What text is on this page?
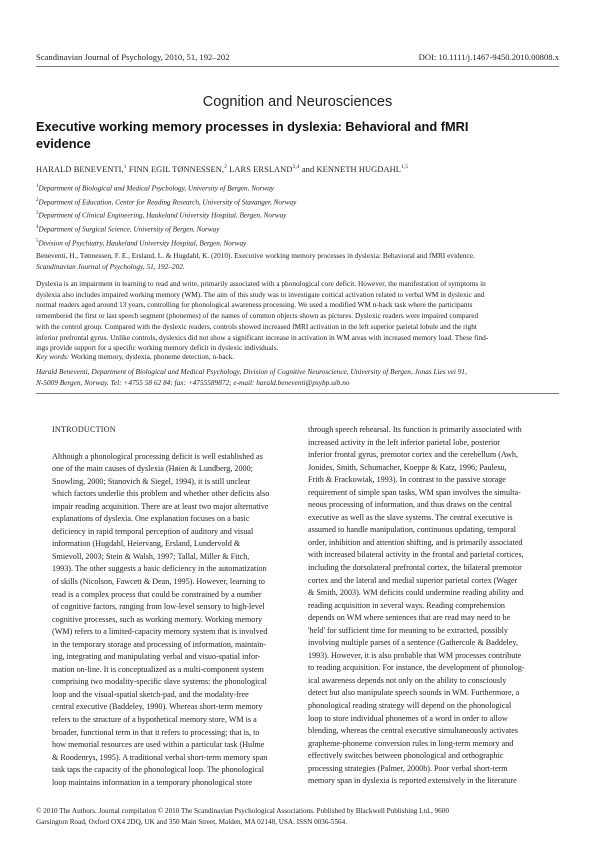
Scandinavian Journal of Psychology, 2010, 51, 192–202	DOI: 10.1111/j.1467-9450.2010.00808.x
Cognition and Neurosciences
Executive working memory processes in dyslexia: Behavioral and fMRI
evidence
HARALD BENEVENTI,$^1$ FINN EGIL TØNNESSEN,$^2$ LARS ERSLAND$^{3,4}$ and KENNETH HUGDAHL$^{1,5}$
$^1$Department of Biological and Medical Psychology, University of Bergen, Norway
$^2$Department of Education, Center for Reading Research, University of Stavanger, Norway
$^3$Department of Clinical Engineering, Haukeland University Hospital, Bergen, Norway
$^4$Department of Surgical Science, University of Bergen, Norway
$^5$Division of Psychiatry, Haukeland University Hospital, Bergen, Norway
Beneventi, H., Tønnessen, F. E., Ersland, L. & Hugdahl, K. (2010). Executive working memory processes in dyslexia: Behavioral and fMRI evidence.
Scandinavian Journal of Psychology, 51, 192–202.
Dyslexia is an impairment in learning to read and write, primarily associated with a phonological core deficit. However, the manifestation of symptoms in
dyslexia also includes impaired working memory (WM). The aim of this study was to investigate cortical activation related to verbal WM in dyslexic and
normal readers aged around 13 years, controlling for phonological awareness processing. We used a modified WM n-back task where the participants
remembered the first or last speech segment (phonemes) of the names of common objects shown as pictures. Dyslexic readers were impaired compared
with the control group. Compared with the dyslexic readers, controls showed increased fMRI activation in the left superior parietal lobule and the right
inferior prefrontal gyrus. Unlike controls, dyslexics did not show a significant increase in activation in WM areas with increased memory load. These find-
ings provide support for a specific working memory deficit in dyslexic individuals.
Key words: Working memory, dyslexia, phoneme detection, n-back.
Harald Beneventi, Department of Biological and Medical Psychology, Division of Cognitive Neuroscience, University of Bergen, Jonas Lies vei 91,
N-5009 Bergen, Norway. Tel: +4755 58 62 84; fax: +4755589872; e-mail: harald.beneventi@psybp.uib.no
INTRODUCTION
Although a phonological processing deficit is well established as
one of the main causes of dyslexia (Høien & Lundberg, 2000;
Snowling, 2000; Stanovich & Siegel, 1994), it is still unclear
which factors underlie this problem and whether other deficits also
impair reading acquisition. There are at least two major alternative
explanations of dyslexia. One explanation focuses on a basic
deficiency in rapid temporal perception of auditory and visual
information (Hugdahl, Heiervang, Ersland, Lundervold &
Smievoll, 2003; Stein & Walsh, 1997; Tallal, Miller & Fitch,
1993). The other suggests a basic deficiency in the automatization
of skills (Nicolson, Fawcett & Dean, 1995). However, learning to
read is a complex process that could be constrained by a number
of cognitive factors, ranging from low-level sensory to high-level
cognitive processes, such as working memory. Working memory
(WM) refers to a limited-capacity memory system that is involved
in the temporary storage and processing of information, maintain-
ing, integrating and manipulating verbal and visuo-spatial infor-
mation on-line. It is conceptualized as a multi-component system
comprising two modality-specific slave systems: the phonological
loop and the visual-spatial sketch-pad, and the modality-free
central executive (Baddeley, 1990). Whereas short-term memory
refers to the structure of a hypothetical memory store, WM is a
broader, functional term in that it refers to processing; that is, to
how memorial resources are used within a particular task (Hulme
& Roodenrys, 1995). A traditional verbal short-term memory span
task taps the capacity of the phonological loop. The phonological
loop maintains information in a temporary phonological store
through speech rehearsal. Its function is primarily associated with
increased activity in the left inferior parietal lobe, posterior
inferior frontal gyrus, premotor cortex and the cerebellum (Awh,
Jonides, Smith, Schumacher, Koeppe & Katz, 1996; Paulesu,
Frith & Frackowiak, 1993). In contrast to the passive storage
requirement of simple span tasks, WM span involves the simulta-
neous processing of information, and thus draws on the central
executive as well as the slave systems. The central executive is
assumed to handle manipulation, continuous updating, temporal
order, inhibition and attention shifting, and is primarily associated
with increased bilateral activity in the frontal and parietal cortices,
including the dorsolateral prefrontal cortex, the bilateral premotor
cortex and the lateral and medial superior parietal cortex (Wager
& Smith, 2003). WM deficits could undermine reading ability and
reading acquisition in several ways. Reading comprehension
depends on WM where sentences that are read may need to be
'held' for sufficient time for meaning to be extracted, possibly
involving multiple parses of a sentence (Gathercole & Baddeley,
1993). However, it is also probable that WM processes contribute
to reading acquisition. For instance, the development of phonolog-
ical awareness depends not only on the ability to consciously
detect but also manipulate speech sounds in WM. Furthermore, a
phonological reading strategy will depend on the phonological
loop to store individual phonemes of a word in order to allow
blending, whereas the central executive simultaneously activates
grapheme-phoneme conversion rules in long-term memory and
effectively switches between phonological and orthographic
processing strategies (Palmer, 2000b). Poor verbal short-term
memory span in dyslexia is reported extensively in the literature
© 2010 The Authors. Journal compilation © 2010 The Scandinavian Psychological Associations. Published by Blackwell Publishing Ltd., 9600
Garsington Road, Oxford OX4 2DQ, UK and 350 Main Street, Malden, MA 02148, USA. ISSN 0036-5564.
